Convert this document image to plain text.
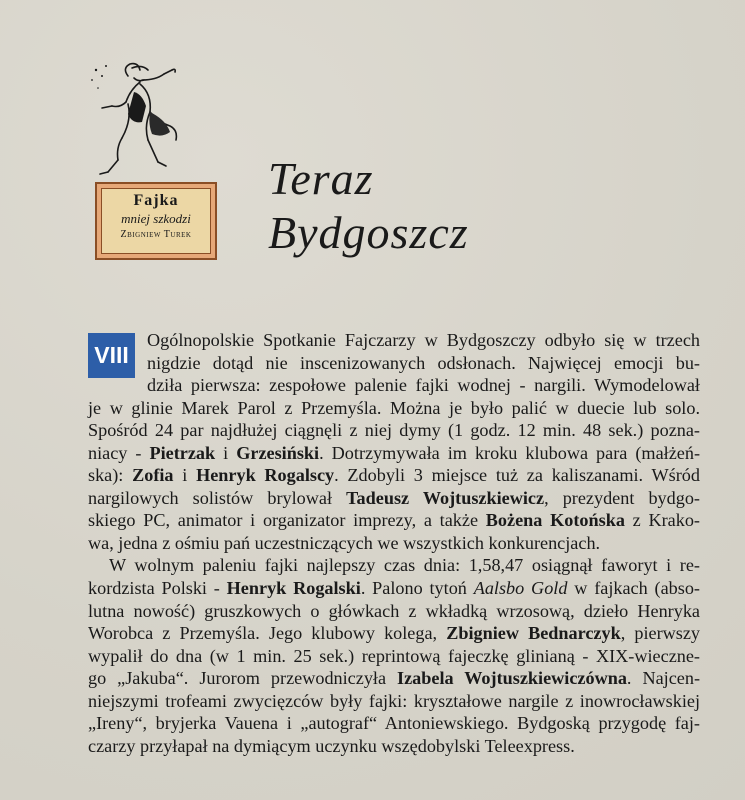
Fajka
mniej szkodzi
Zbigniew Turek
Teraz
Bydgoszcz
VIII

Ogólnopolskie Spotkanie Fajczarzy w Bydgoszczy odbyło się w trzech
nigdzie dotąd nie inscenizowanych odsłonach. Najwięcej emocji bu-
dziła pierwsza: zespołowe palenie fajki wodnej - nargili. Wymodelował
je w glinie Marek Parol z Przemyśla. Można je było palić w duecie lub solo.
Spośród 24 par najdłużej ciągnęli z niej dymy (1 godz. 12 min. 48 sek.) pozna-
niacy - Pietrzak i Grzesiński. Dotrzymywała im kroku klubowa para (małżeń-
ska): Zofia i Henryk Rogalscy. Zdobyli 3 miejsce tuż za kaliszanami. Wśród
nargilowych solistów brylował Tadeusz Wojtuszkiewicz, prezydent bydgo-
skiego PC, animator i organizator imprezy, a także Bożena Kotońska z Krako-
wa, jedna z ośmiu pań uczestniczących we wszystkich konkurencjach.

W wolnym paleniu fajki najlepszy czas dnia: 1,58,47 osiągnął faworyt i re-
kordzista Polski - Henryk Rogalski. Palono tytoń Aalsbo Gold w fajkach (abso-
lutna nowość) gruszkowych o główkach z wkładką wrzosową, dzieło Henryka
Worobca z Przemyśla. Jego klubowy kolega, Zbigniew Bednarczyk, pierwszy
wypalił do dna (w 1 min. 25 sek.) reprintową fajeczkę glinianą - XIX-wieczne-
go „Jakuba“. Jurorom przewodniczyła Izabela Wojtuszkiewiczówna. Najcen-
niejszymi trofeami zwycięzców były fajki: kryształowe nargile z inowrocławskiej
„Ireny“, bryjerka Vauena i „autograf“ Antoniewskiego. Bydgoską przygodę faj-
czarzy przyłapał na dymiącym uczynku wszędobylski Teleexpress.
